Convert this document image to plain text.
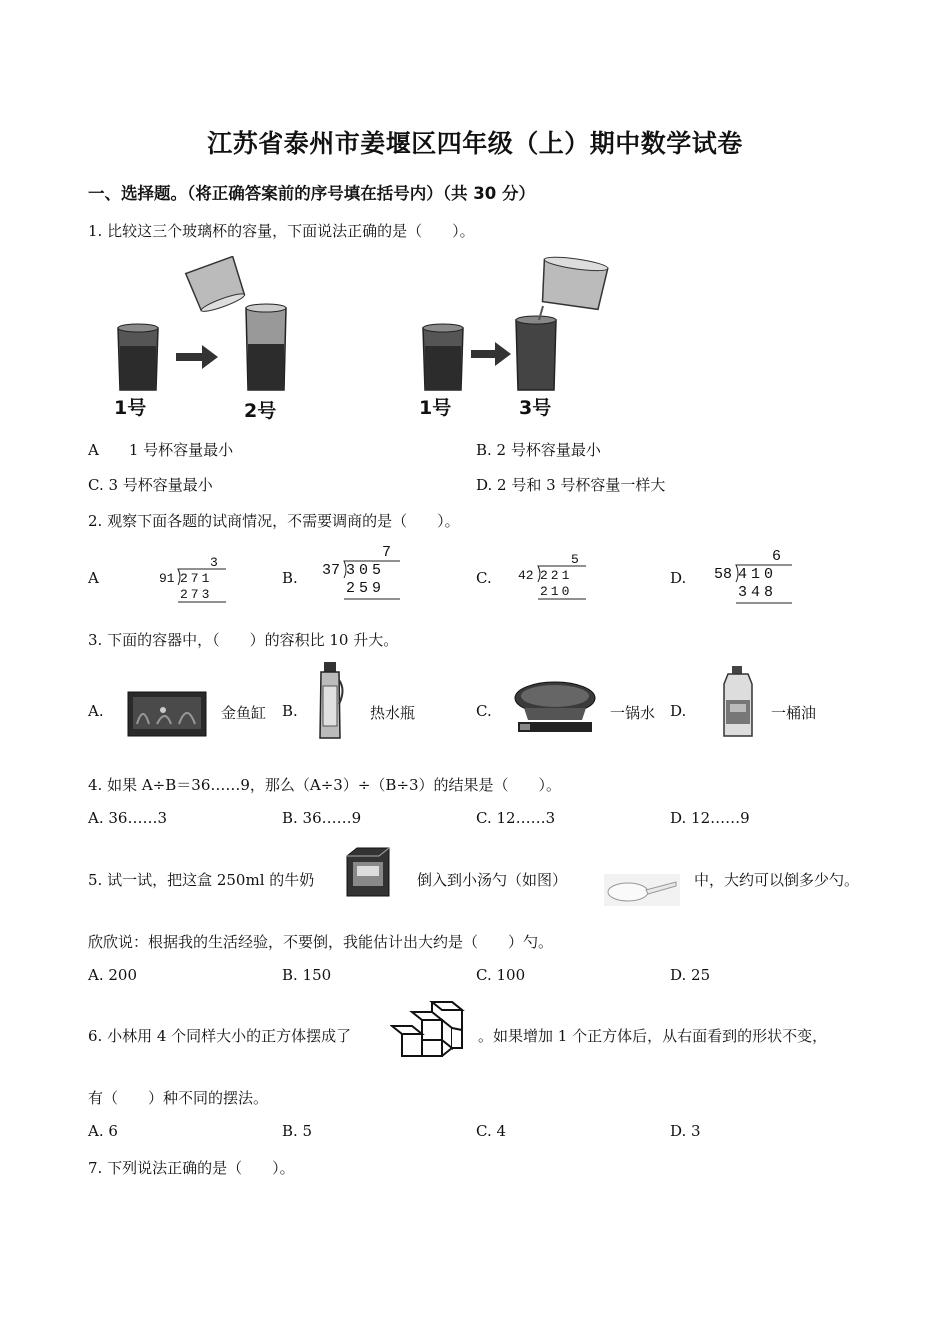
江苏省泰州市姜堰区四年级（上）期中数学试卷
一、选择题。（将正确答案前的序号填在括号内）（共 30 分）
1. 比较这三个玻璃杯的容量，下面说法正确的是（　　）。
1号	2号	1号	3号
A　　1 号杯容量最小	B. 2 号杯容量最小
C. 3 号杯容量最小	D. 2 号和 3 号杯容量一样大
2. 观察下面各题的试商情况，不需要调商的是（　　）。
A
3
91 271
273
B.
7
37 305
259
C.
5
42 221
210
D.
6
58 410
348
3. 下面的容器中，（　　）的容积比 10 升大。
A.	金鱼缸 B.	热水瓶	C.	一锅水 D.	一桶油
4. 如果 A÷B＝36……9，那么（A÷3）÷（B÷3）的结果是（　　）。
A. 36……3	B. 36……9	C. 12……3	D. 12……9
5. 试一试，把这盒 250ml 的牛奶	倒入到小汤勺（如图）	中，大约可以倒多少勺。
欣欣说：根据我的生活经验，不要倒，我能估计出大约是（　　）勺。
A. 200	B. 150	C. 100	D. 25
6. 小林用 4 个同样大小的正方体摆成了	。如果增加 1 个正方体后，从右面看到的形状不变，
有（　　）种不同的摆法。
A. 6	B. 5	C. 4	D. 3
7. 下列说法正确的是（　　）。
